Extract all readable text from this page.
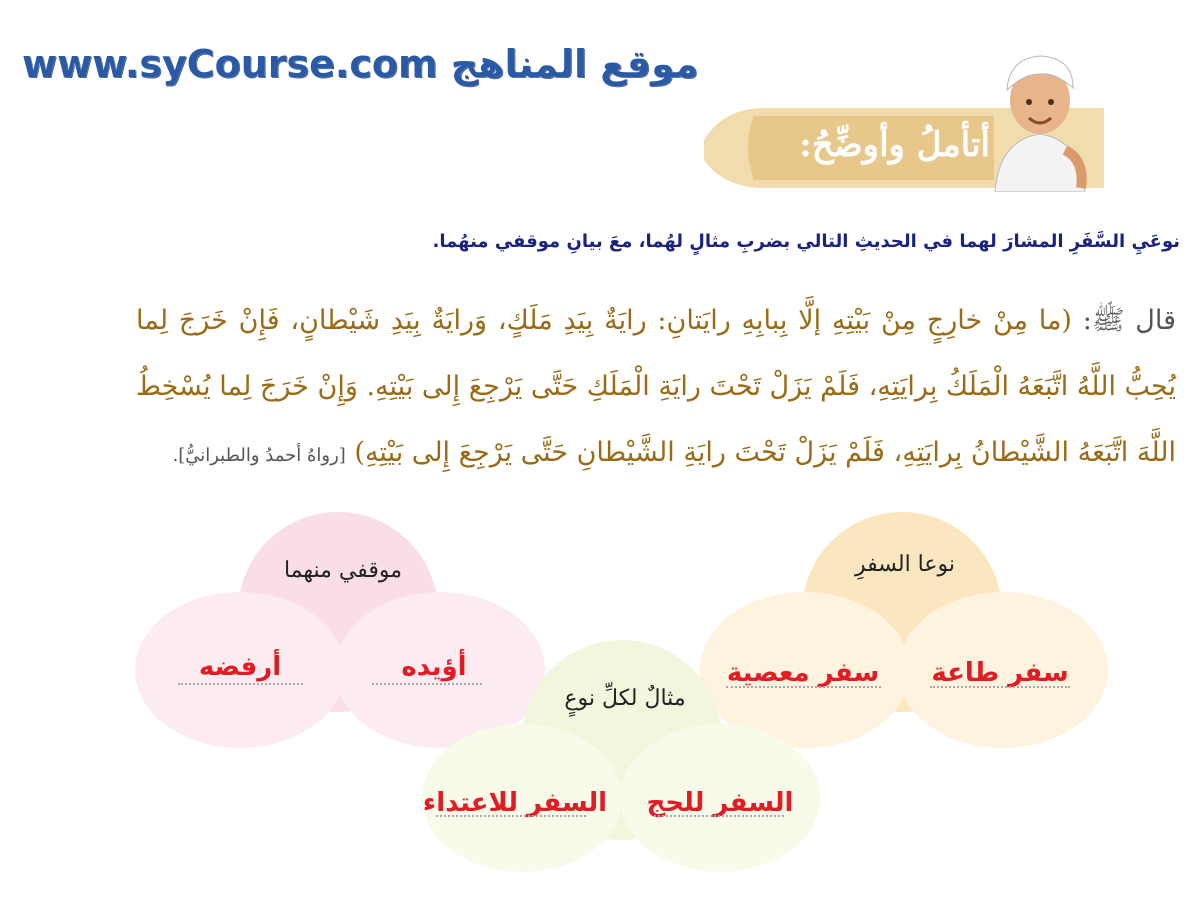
www.syCourse.com موقع المناهج
أتأملُ وأوضِّحُ:
نوعَيِ السَّفَرِ المشارَ لهما في الحديثِ التالي بضربِ مثالٍ لهُما، معَ بيانِ موقفي منهُما.
قال ﷺ: (ما مِنْ خارِجٍ مِنْ بَيْتِهِ إلَّا بِبابِهِ رايَتانِ: رايَةٌ بِيَدِ مَلَكٍ، وَرايَةٌ بِيَدِ شَيْطانٍ، فَإِنْ خَرَجَ لِما يُحِبُّ اللَّهُ اتَّبَعَهُ الْمَلَكُ بِرايَتِهِ، فَلَمْ يَزَلْ تَحْتَ رايَةِ الْمَلَكِ حَتَّى يَرْجِعَ إِلى بَيْتِهِ. وَإِنْ خَرَجَ لِما يُسْخِطُ اللَّهَ اتَّبَعَهُ الشَّيْطانُ بِرايَتِهِ، فَلَمْ يَزَلْ تَحْتَ رايَةِ الشَّيْطانِ حَتَّى يَرْجِعَ إِلى بَيْتِهِ) [رواهُ أحمدُ والطبرانيُّ].
نوعا السفرِ
موقفي منهما
مثالٌ لكلِّ نوعٍ
سفر طاعة
سفر معصية
أؤيده
أرفضه
السفر للحج
السفر للاعتداء
